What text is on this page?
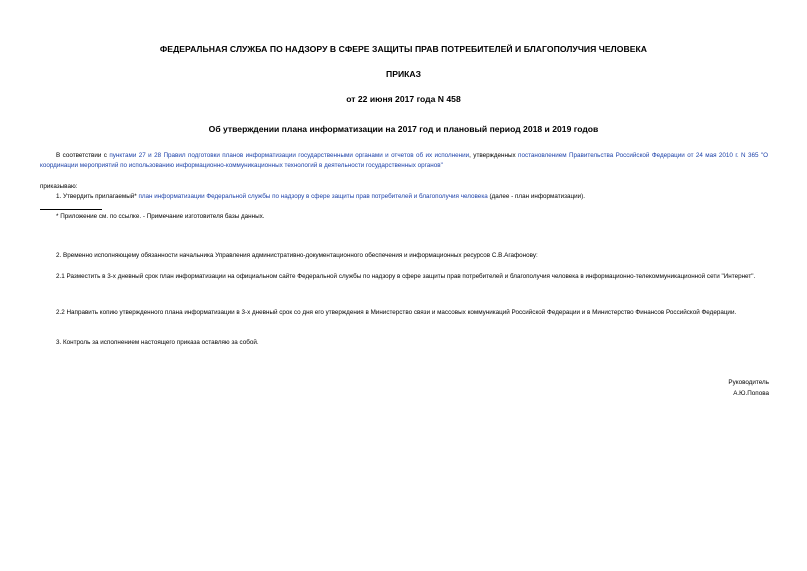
ФЕДЕРАЛЬНАЯ СЛУЖБА ПО НАДЗОРУ В СФЕРЕ ЗАЩИТЫ ПРАВ ПОТРЕБИТЕЛЕЙ И БЛАГОПОЛУЧИЯ ЧЕЛОВЕКА
ПРИКАЗ
от 22 июня 2017 года N 458
Об утверждении плана информатизации на 2017 год и плановый период 2018 и 2019 годов
В соответствии с пунктами 27 и 28 Правил подготовки планов информатизации государственными органами и отчетов об их исполнении, утвержденных постановлением Правительства Российской Федерации от 24 мая 2010 г. N 365 "О координации мероприятий по использованию информационно-коммуникационных технологий в деятельности государственных органов"
приказываю:
1. Утвердить прилагаемый* план информатизации Федеральной службы по надзору в сфере защиты прав потребителей и благополучия человека (далее - план информатизации).
* Приложение см. по ссылке. - Примечание изготовителя базы данных.
2. Временно исполняющему обязанности начальника Управления административно-документационного обеспечения и информационных ресурсов С.В.Агафонову:
2.1 Разместить в 3-х дневный срок план информатизации на официальном сайте Федеральной службы по надзору в сфере защиты прав потребителей и благополучия человека в информационно-телекоммуникационной сети "Интернет".
2.2 Направить копию утвержденного плана информатизации в 3-х дневный срок со дня его утверждения в Министерство связи и массовых коммуникаций Российской Федерации и в Министерство Финансов Российской Федерации.
3. Контроль за исполнением настоящего приказа оставляю за собой.
Руководитель
А.Ю.Попова
